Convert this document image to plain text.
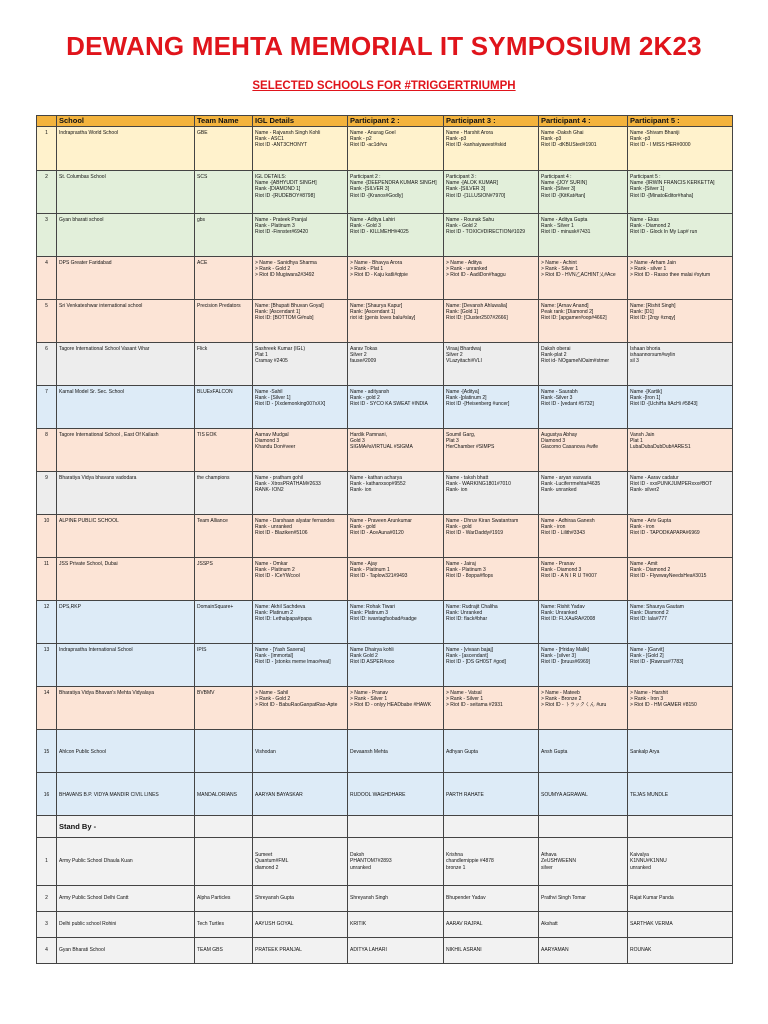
DEWANG MEHTA MEMORIAL IT SYMPOSIUM 2K23
SELECTED SCHOOLS FOR #TRIGGERTRIUMPH
	School	Team Name	IGL Details	Participant 2 :	Participant 3 :	Participant 4 :	Participant 5 :
1	Indraprastha World School	GBE	Name - Rajvansh Singh Kohli
Rank - ASC1
Riot ID -ANT3CHONYT	Name - Anurag Goel
Rank - p2
Riot ID -ac1d#vu	Name - Harshit Arora
Rank -p3
Riot ID -kanhaiyawest#skid	Name -Daksh Ghai
Rank -p3
Riot ID -dKBUSted#1901	Name -Shivam Bhaniji
Rank -p3
Riot ID - I MISS HER#0000

2	St. Columbas School	SCS	IGL DETAILS:
Name -[ABHYUDIT SINGH]
Rank -[DIAMOND 1]
Riot ID -[RUDEBOY#8798]	Participant 2 :
Name -[DEEPENDRA KUMAR SINGH]
Rank -[SILVER 3]
Riot ID -[Kranos#Godly]	Participant 3 :
Name -[ALOK KUMAR]
Rank -[SILVER 3]
Riot ID -[1LLUSION#7970]	Participant 4 :
Name -[JOY SURIN]
Rank -[Silver 3]
Riot ID -[KitKat#tan]	Participant 5 :
Name -[IRWIN FRANCIS KERKETTA]
Rank -[Silver 1]
Riot ID -[MinatoEditor#haha]

3	Gyan bharati school	gbs	Name - Prateek Pranjal
Rank - Platinum 3
Riot ID -Finnster#69420	Name - Aditya Lahiri
Rank - Gold 3
Riot ID - KILLMEHH#4025	Name - Rounak Sahu
Rank - Gold 2
Riot ID - TOXIC#DIRECTION#1029	Name - Aditya Gupta
Rank - Silver 1
Riot ID - minusk#7431	Name - Ekas
Rank - Diamond 2
Riot ID - Glock In My Lap# run

4	DPS Greater Faridabad	ACE	> Name - Sanidhya Sharma
> Rank - Gold 2
> Riot ID Mugiwara2#3492	> Name - Bhavya Arora
> Rank - Plat 1
> Riot ID - Kaju katli#qtpie	> Name - Aditya
> Rank - unranked
> Riot ID - AadiDon#haggu	> Name - Achint
> Rank - Silver 1
> Riot ID - HVN乙ACHINT乂#Ace	> Name -Arham Jain
> Rank - silver 1
> Riot ID - Rasso thee malai #sytum

5	Sri Venkateshwar international school	Precision Predators	Name: [Bhupati Bhuvan Goyal]
Rank: [Ascendant 1]
Riot ID: [BOTTOM G#nub]	Name: [Shaurya Kapur]
Rank: [Ascendant 1]
riot id: [genis loves balu#slay]	Name: [Devansh Ahluwalia]
Rank: [Gold 1]
Riot ID: [Cluster2507#2666]	Name: [Arnav Anand]
Peak rank: [Diamond 2]
Riot ID: [apgamer#oop#4662]	Name: [Rishit Singh]
Rank: [D1]
Riot ID: [2rqy #znqy]

6	Tagore International School Vasant Vihar	Flick	Sashreek Kumar (IGL)
Plat 1
Cramay #2405	Aarav Tokas
Silver 2
fause#2009	Viraaj Bhardwaj
Silver 2
VLazyitachi#VLI	Daksh oberai
Rank-plat 2
Riot id- NOgameNOaim#stmer	Ishaan bhoria
ishaannorsum#wylin
sil 3

7	Karnal Model Sr. Sec. School	BLUExFALCON	Name -Sahil
Rank - [Silver 1]
Riot ID - [Xxdemonking007xXX]	Name - adityansh
Rank - gold 2
Riot ID - SYCO KA SWEAT #INDIA	Name -[Aditya]
Rank -[platinum 2]
Riot ID -[Heisenberg #uncer]	Name - Saurabh
Rank -Silver 3
Riot ID - [vedant #5732]	Name -[Kartik]
Rank -[Iron 1]
Riot ID -[UchiHa ItAcHi #5843]

8	Tagore International School , East Of Kailash	TIS EOK	Aarnav Mudgal
Diamond 3
Khandu Don#veer	Hardik Pamnani,
Gold 3
SIGMA#aVIRTUAL #SIGMA	Soumil Garg,
Plat 3
HerChamber #SIMPS	Augustya Abhay
Diamond 3
Giacomo Casanova #wife	Vansh Jain
Plat 1
LubaDubaDubDub#ARES1

9	Bharatiya Vidya bhavans vadodara	the champions	Name - pratham gohil
Rank - XtrosPRATHAM#2633
RANK- ION2	Name - kathan acharya
Rank - kathanxsop#9552
Rank- ion	Name - taksh bhatt
Rank - WARKING1801#7010
Rank- ion	Name - aryan vasvaria
Rank -Luciferrmehta#4635
Rank- unranked	Name - Aarav cadatur
Riot ID - xxxPUNKJUMPERxxx#BOT
Rank- silver2

10	ALPINE PUBLIC SCHOOL	Team Alliance	Name - Darshaan alyatar fernandes
Rank - unranked
Riot ID - Blaziken#5106	Name - Praveen Arunkumar
Rank - gold
Riot ID - AceAuna#0120	Name - Dhruv Kiran Swatantram
Rank - gold
Riot ID - WarDaddy#1919	Name - Adhiraa Ganesh
Rank - iron
Riot ID - Lilith#3343	Name - Ariv Gupta
Rank - iron
Riot ID - TAPODKAPAPA#6969

11	JSS Private School, Dubai	JSSPS	Name - Omkar
Rank - Platinum 2
Riot ID - ICeYWcool	Name - Ajay
Rank - Platinum 1
Riot ID - Taplow321#9493	Name - Jairaj
Rank - Platinum 3
Riot ID - 8oppa#flops	Name - Pranav
Rank - Diamond 3
Riot ID - A N I R U T#007	Name - Amit
Rank - Diamond 2
Riot ID - FlywwayNeedsHea#3015

12	DPS,RKP	DomainSquare+	Name: Akhil Sachdeva
Rank: Platinum 2
Riot ID: Lethalpapa#papa	Name: Rohak Tiwari
Rank: Platinum 3
Riot ID: iwantagfsobad#sadge	Name: Rudrajit Chaliha
Rank: Unranked
Riot ID: flack#bhar	Name: Rishit Yadav
Rank: Unranked
Riot ID: FLXAuRA#2008	Name: Shaurya Gautam
Rank: Diamond 2
Riot ID: lala#777

13	Indraprastha International School	IPIS	Name - [Yash Saxena]
Rank - [immortal]
Riot ID - [stonks meme lmao#real]	Name Dhairya kohli
Rank Gold 2
Riot ID ASPER#ooo	Name - [vivaan bajaj]
Rank - [ascendant]
Riot ID - [DS GH0ST #god]	Name - [Hriday Malik]
Rank - [silver 3]
Riot ID - [bruus#6969]	Name - [Garvit]
Rank - [Gold 2]
Riot ID - [Rawrus#7783]

14	Bharatiya Vidya Bhavan's Mehta Vidyalaya	BVBMV	> Name - Sahil
> Rank - Gold 2
> Riot ID - BabuRaoGanpatRao-Apte	> Name - Pranav
> Rank - Silver 1
> Riot ID - onlyy HEADbabe #HAWK	> Name - Vatsal
> Rank - Silver 1
> Riot ID - seitama #2931	> Name - Mateeb
> Rank - Bronze 2
> Riot ID - トラックくん #uru	> Name - Harshit
> Rank - Iron 3
> Riot ID - HM GAMER #8150

15	Ahlcon Public School		Vishodan	Devaansh Mehta	Adhyan Gupta	Ansh Gupta	Sankalp Arya

16	BHAVANS B.P. VIDYA MANDIR CIVIL LINES	MANDALORIANS	AARYAN BAYASKAR	RUDOOL WAGHDHARE	PARTH RAHATE	SOUMYA AGRAWAL	TEJAS MUNDLE

	Stand By -						
1	Army Public School Dhaula Kuan		Sumeet
Quantum#FML
diamond 2	Daksh
PHANTOM7#2893
unranked	Krishna
chandlernippie #4878
bronze 1	Athava
ZeUSHWEENN
silver	Kaivalya
K1NNU#K1NNU
unranked

2	Army Public School Delhi Cantt	Alpha Particles	Shreyansh Gupta	Shreyansh Singh	Bhupender Yadav	Prathvi Singh Tomar	Rajat Kumar Panda

3	Delhi public school Rohini	Tech Turtles	AAYUSH GOYAL	KRITIK	AARAV RAJPAL	Akshatt	SARTHAK VERMA

4	Gyan Bharati School	TEAM GBS	PRATEEK PRANJAL	ADITYA LAHARI	NIKHIL ASRANI	AARYAMAN	ROUNAK
